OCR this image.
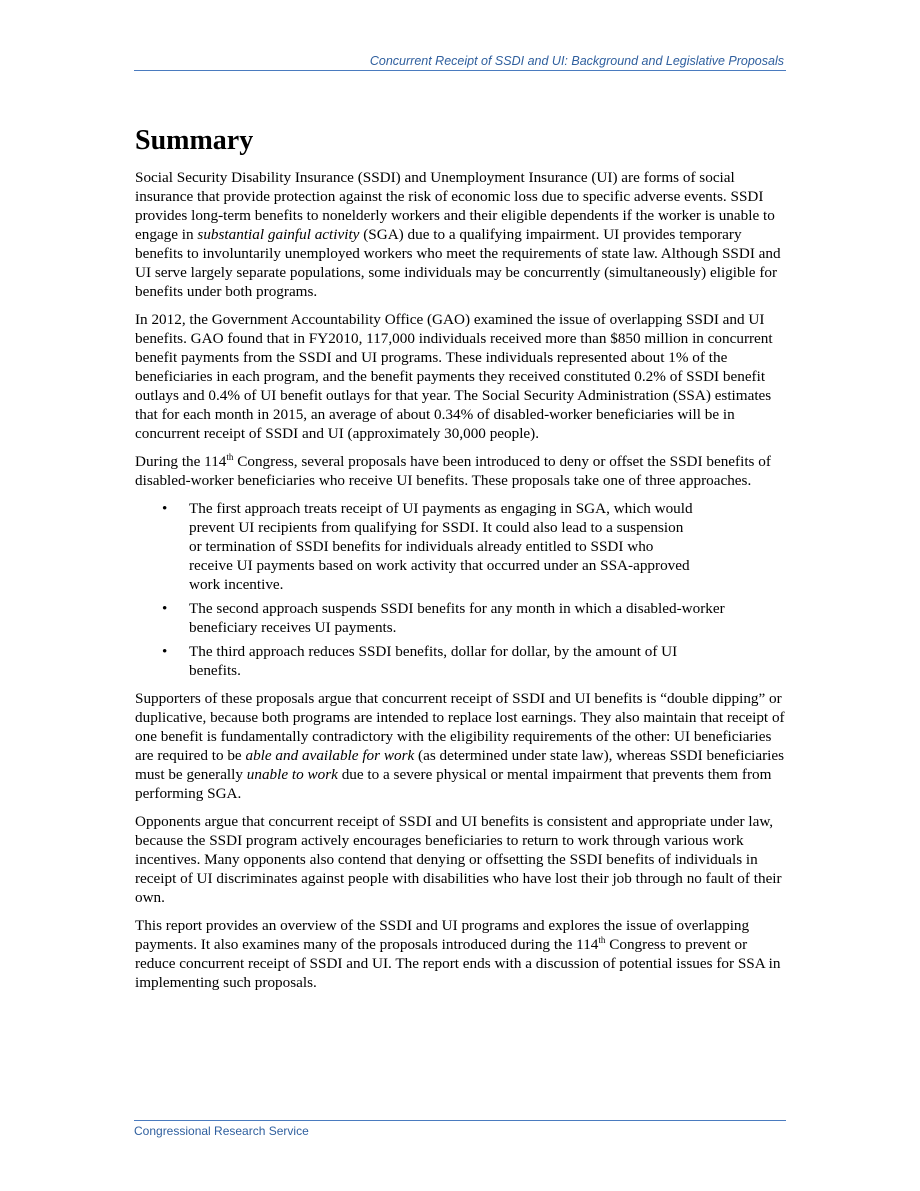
Concurrent Receipt of SSDI and UI: Background and Legislative Proposals
Summary

Social Security Disability Insurance (SSDI) and Unemployment Insurance (UI) are forms of social insurance that provide protection against the risk of economic loss due to specific adverse events. SSDI provides long-term benefits to nonelderly workers and their eligible dependents if the worker is unable to engage in substantial gainful activity (SGA) due to a qualifying impairment. UI provides temporary benefits to involuntarily unemployed workers who meet the requirements of state law. Although SSDI and UI serve largely separate populations, some individuals may be concurrently (simultaneously) eligible for benefits under both programs.

In 2012, the Government Accountability Office (GAO) examined the issue of overlapping SSDI and UI benefits. GAO found that in FY2010, 117,000 individuals received more than $850 million in concurrent benefit payments from the SSDI and UI programs. These individuals represented about 1% of the beneficiaries in each program, and the benefit payments they received constituted 0.2% of SSDI benefit outlays and 0.4% of UI benefit outlays for that year. The Social Security Administration (SSA) estimates that for each month in 2015, an average of about 0.34% of disabled-worker beneficiaries will be in concurrent receipt of SSDI and UI (approximately 30,000 people).

During the 114th Congress, several proposals have been introduced to deny or offset the SSDI benefits of disabled-worker beneficiaries who receive UI benefits. These proposals take one of three approaches.

• The first approach treats receipt of UI payments as engaging in SGA, which would prevent UI recipients from qualifying for SSDI. It could also lead to a suspension or termination of SSDI benefits for individuals already entitled to SSDI who receive UI payments based on work activity that occurred under an SSA-approved work incentive.
• The second approach suspends SSDI benefits for any month in which a disabled-worker beneficiary receives UI payments.
• The third approach reduces SSDI benefits, dollar for dollar, by the amount of UI benefits.

Supporters of these proposals argue that concurrent receipt of SSDI and UI benefits is “double dipping” or duplicative, because both programs are intended to replace lost earnings. They also maintain that receipt of one benefit is fundamentally contradictory with the eligibility requirements of the other: UI beneficiaries are required to be able and available for work (as determined under state law), whereas SSDI beneficiaries must be generally unable to work due to a severe physical or mental impairment that prevents them from performing SGA.

Opponents argue that concurrent receipt of SSDI and UI benefits is consistent and appropriate under law, because the SSDI program actively encourages beneficiaries to return to work through various work incentives. Many opponents also contend that denying or offsetting the SSDI benefits of individuals in receipt of UI discriminates against people with disabilities who have lost their job through no fault of their own.

This report provides an overview of the SSDI and UI programs and explores the issue of overlapping payments. It also examines many of the proposals introduced during the 114th Congress to prevent or reduce concurrent receipt of SSDI and UI. The report ends with a discussion of potential issues for SSA in implementing such proposals.

Congressional Research Service
